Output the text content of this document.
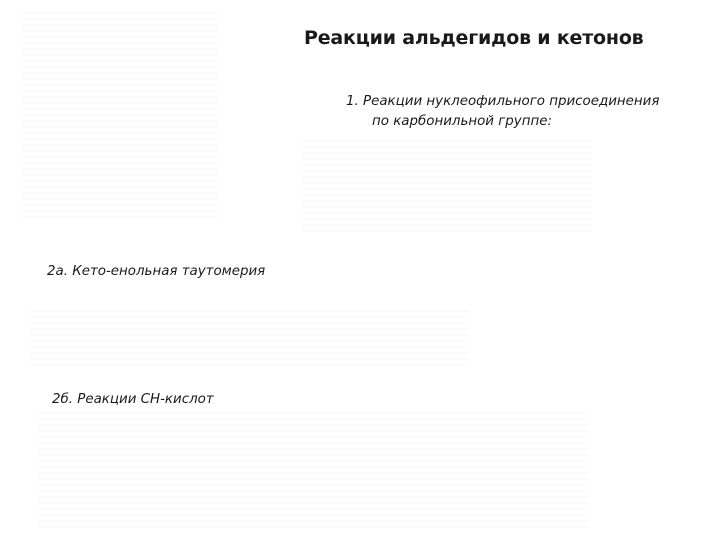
Реакции альдегидов и кетонов
1. Реакции нуклеофильного присоединения
по карбонильной группе:
2а. Кето-енольная таутомерия
2б. Реакции СН-кислот
